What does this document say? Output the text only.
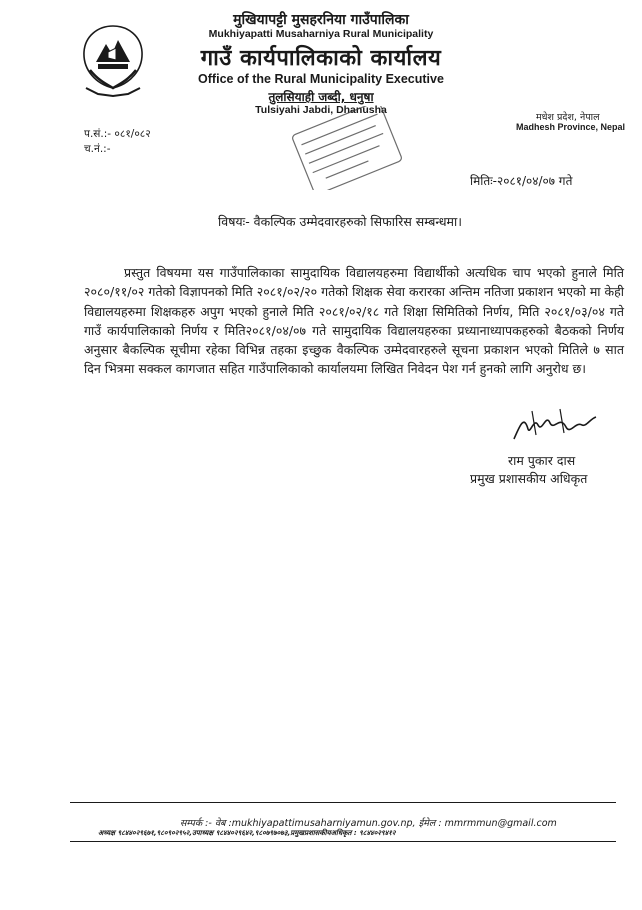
मुखियापट्टी मुसहरनिया गाउँपालिका
Mukhiyapatti Musaharniya Rural Municipality
गाउँ कार्यपालिकाको कार्यालय
Office of the Rural Municipality Executive
तुलसियाही जब्दी, धनुषा
Tulsiyahi Jabdi, Dhanusha
मधेश प्रदेश, नेपाल
Madhesh Province, Nepal
प.सं.:- ०८१/०८२
च.नं.:-
मितिः-२०८१/०४/०७ गते
विषयः- वैकल्पिक उम्मेदवारहरुको सिफारिस सम्बन्धमा।
प्रस्तुत विषयमा यस गाउँपालिकाका सामुदायिक विद्यालयहरुमा विद्यार्थीको अत्यधिक चाप भएको हुनाले मिति २०८०/११/०२ गतेको विज्ञापनको मिति २०८१/०२/२० गतेको शिक्षक सेवा करारका अन्तिम नतिजा प्रकाशन भएको मा केही विद्यालयहरुमा शिक्षकहरु अपुग भएको हुनाले मिति २०८१/०२/१८ गते शिक्षा सिमितिको निर्णय, मिति २०८१/०३/०४ गते गाउँ कार्यपालिकाको निर्णय र मिति२०८१/०४/०७ गते सामुदायिक विद्यालयहरुका प्रध्यानाध्यापकहरुको बैठकको निर्णय अनुसार बैकल्पिक सूचीमा रहेका विभिन्न तहका इच्छुक वैकल्पिक उम्मेदवारहरुले सूचना प्रकाशन भएको मितिले ७ सात दिन भित्रमा सक्कल कागजात सहित गाउँपालिकाको कार्यालयमा लिखित निवेदन पेश गर्न हुनको लागि अनुरोध छ।
राम पुकार दास
प्रमुख प्रशासकीय अधिकृत
सम्पर्क :- वेब :mukhiyapattimusaharniyamun.gov.np, ईमेल : mmrmmun@gmail.com
अध्यक्ष ९८४४०२९६७१,९८०९०२९५२,उपाध्यक्ष ९८४४०२९६४२,९८०७९७०७३,प्रमुखप्रशासकीयअधिकृत : ९८४४०२९४१२
